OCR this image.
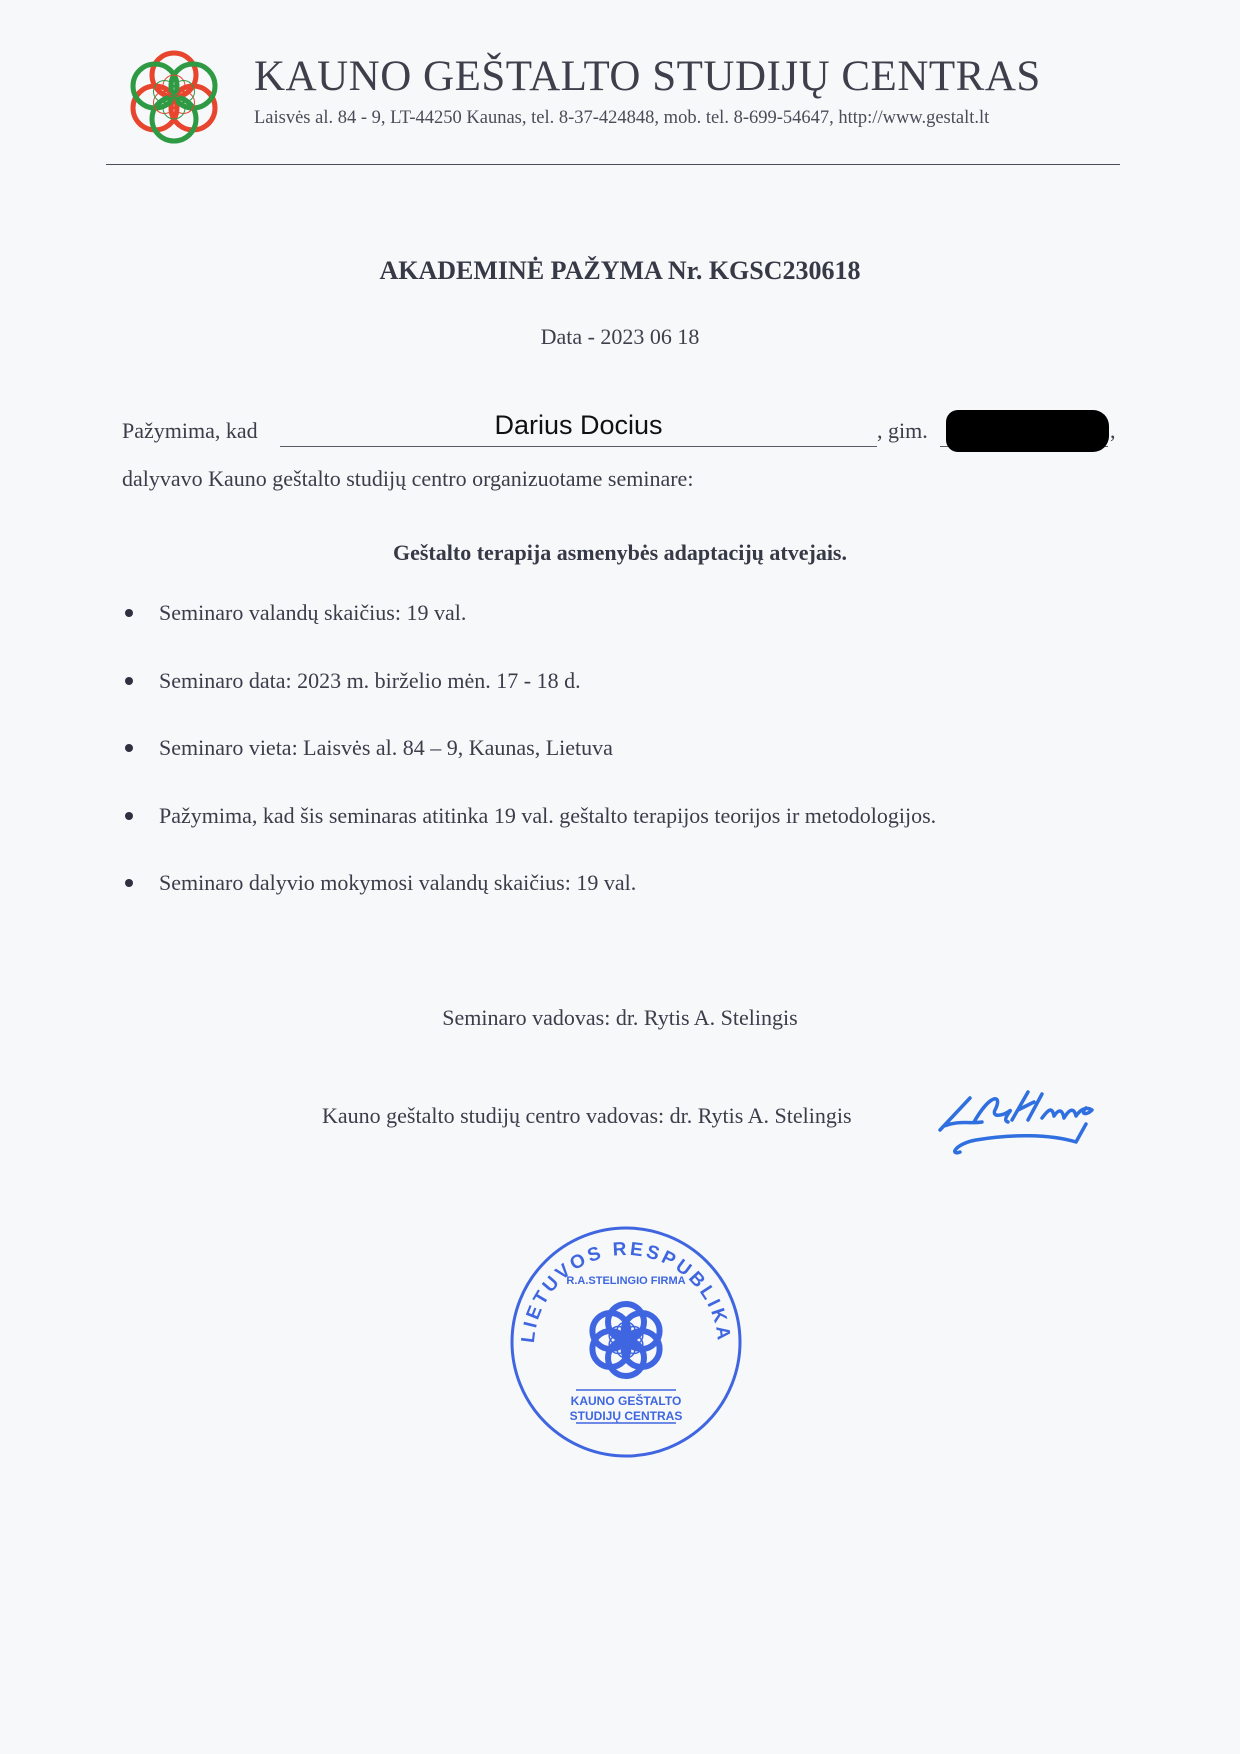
KAUNO GEŠTALTO STUDIJŲ CENTRAS
Laisvės al. 84 - 9, LT-44250 Kaunas, tel. 8-37-424848, mob. tel. 8-699-54647, http://www.gestalt.lt
AKADEMINĖ PAŽYMA Nr. KGSC230618
Data - 2023 06 18
Pažymima, kad	Darius Docius	, gim.	,
dalyvavo Kauno geštalto studijų centro organizuotame seminare:
Geštalto terapija asmenybės adaptacijų atvejais.
Seminaro valandų skaičius: 19 val.
Seminaro data: 2023 m. birželio mėn. 17 - 18 d.
Seminaro vieta: Laisvės al. 84 – 9, Kaunas, Lietuva
Pažymima, kad šis seminaras atitinka 19 val. geštalto terapijos teorijos ir metodologijos.
Seminaro dalyvio mokymosi valandų skaičius: 19 val.
Seminaro vadovas: dr. Rytis A. Stelingis
Kauno geštalto studijų centro vadovas: dr. Rytis A. Stelingis
LIETUVOS RESPUBLIKA
R.A.STELINGIO FIRMA
KAUNO GEŠTALTO
STUDIJŲ CENTRAS
